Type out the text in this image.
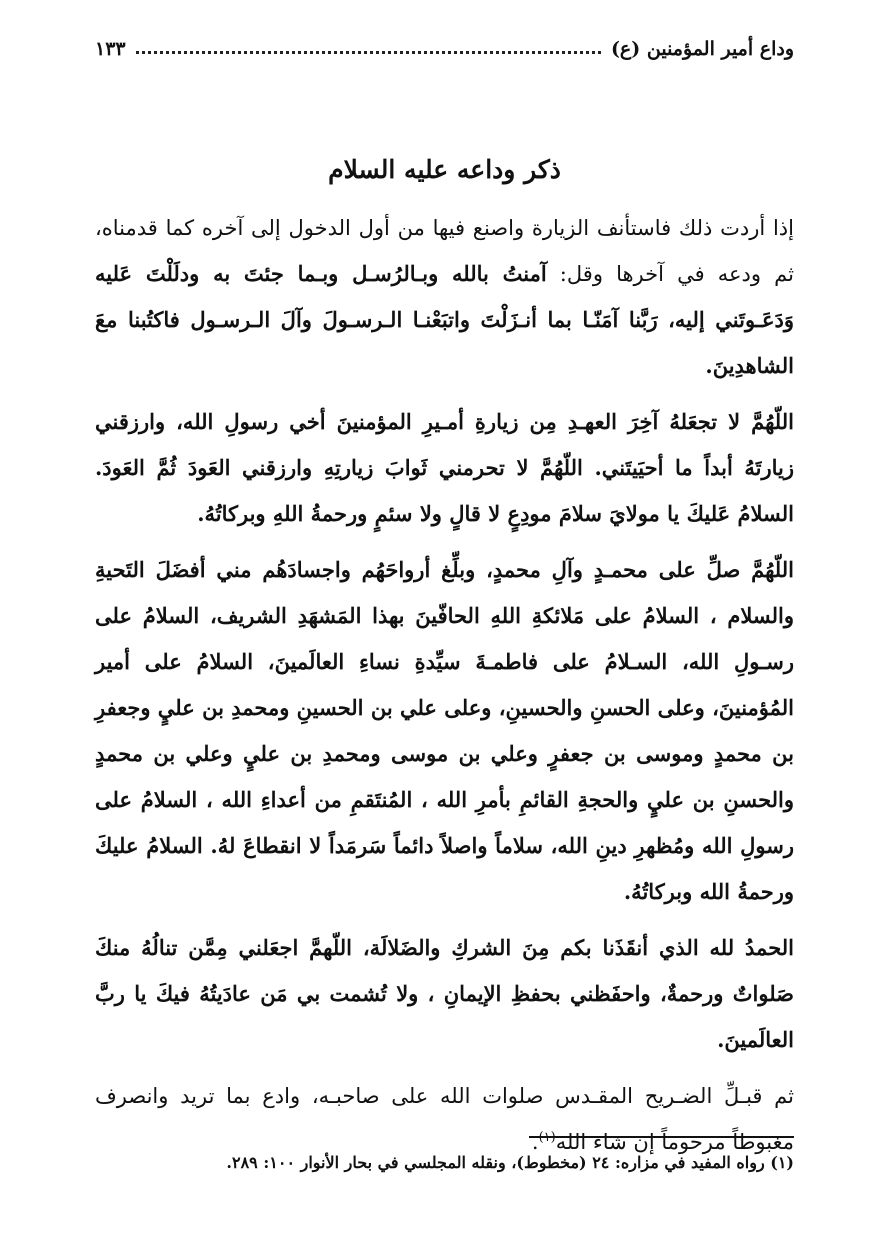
وداع أمير المؤمنين (ع)
١٣٣
ذكر وداعه عليه السلام

إذا أردت ذلك فاستأنف الزيارة واصنع فيها من أول الدخول إلى آخره كما قدمناه، ثم ودعه في آخرها وقل: آمنتُ بالله وبـالرُسـل وبـما جئتَ به ودلَلْتَ عَليه وَدَعَـوتَني إليه، رَبَّنا آمَنّـا بما أنـزَلْتَ واتبَعْنـا الـرسـولَ وآلَ الـرسـول فاكتُبنا معَ الشاهدِينَ.

اللّهُمَّ لا تجعَلهُ آخِرَ العهـدِ مِن زيارةِ أمـيرِ المؤمنينَ أخي رسولِ الله، وارزقني زيارتَهُ أبداً ما أحيَيتَني. اللّهُمَّ لا تحرمني ثَوابَ زيارتِهِ وارزقني العَودَ ثُمَّ العَودَ. السلامُ عَليكَ يا مولايَ سلامَ مودِعٍ لا قالٍ ولا سئمٍ ورحمةُ اللهِ وبركاتُهُ.

اللّهُمَّ صلِّ على محمـدٍ وآلِ محمدٍ، وبلِّغ أرواحَهُم واجسادَهُم مني أفضَلَ التَحيةِ والسلام ، السلامُ على مَلائكةِ اللهِ الحافّينَ بهذا المَشهَدِ الشريف، السلامُ على رسـولِ الله، السـلامُ على فاطمـةَ سيِّدةِ نساءِ العالَمينَ، السلامُ على أمير المُؤمنينَ، وعلى الحسنِ والحسينِ، وعلى علي بن الحسينِ ومحمدِ بن عليٍ وجعفرِ بن محمدٍ وموسى بن جعفرٍ وعلي بن موسى ومحمدِ بن عليٍ وعلي بن محمدٍ والحسنِ بن عليٍ والحجةِ القائمِ بأمرِ الله ، المُنتَقمِ من أعداءِ الله ، السلامُ على رسولِ الله ومُظهرِ دينِ الله، سلاماً واصلاً دائماً سَرمَداً لا انقطاعَ لهُ. السلامُ عليكَ ورحمةُ الله وبركاتُهُ.

الحمدُ لله الذي أنقَذَنا بكم مِنَ الشركِ والضَلالَة، اللّهمَّ اجعَلني مِمَّن تنالُهُ منكَ صَلواتٌ ورحمةٌ، واحفَظني بحفظِ الإيمانِ ، ولا تُشمت بي مَن عادَيتُهُ فيكَ يا ربَّ العالَمينَ.

ثم قبـلِّ الضـريح المقـدس صلوات الله على صاحبـه، وادع بما تريد وانصرف مغبوطاً مرحوماً إن شاء الله$^{(١)}$.

(١) رواه المفيد في مزاره: ٢٤ (مخطوط)، ونقله المجلسي في بحار الأنوار ١٠٠: ٢٨٩.
